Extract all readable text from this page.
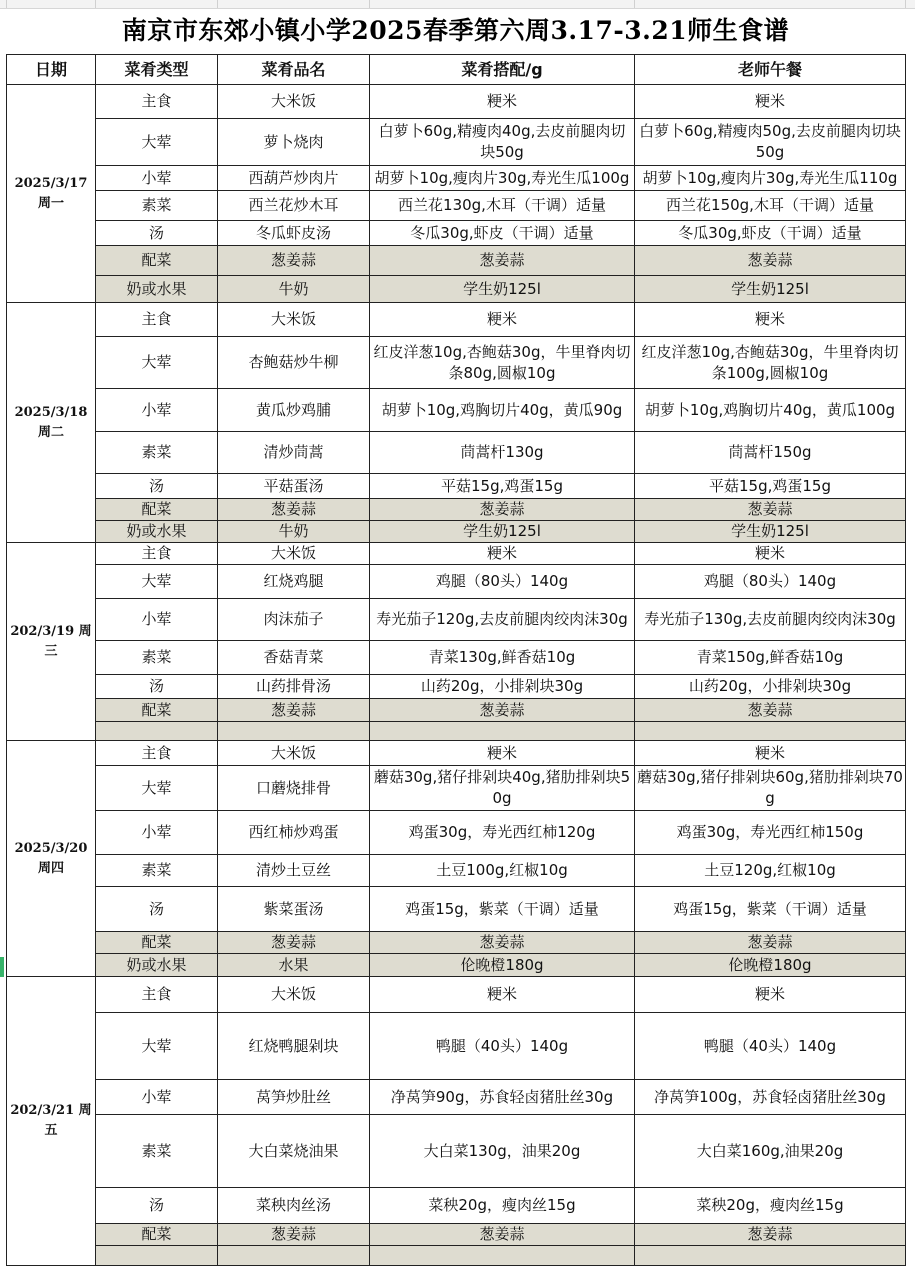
南京市东郊小镇小学2025春季第六周3.17-3.21师生食谱
日期	菜肴类型	菜肴品名	菜肴搭配/g	老师午餐
2025/3/17 周一	主食	大米饭	粳米	粳米
	大荤	萝卜烧肉	白萝卜60g,精瘦肉40g,去皮前腿肉切块50g	白萝卜60g,精瘦肉50g,去皮前腿肉切块50g
	小荤	西葫芦炒肉片	胡萝卜10g,瘦肉片30g,寿光生瓜100g	胡萝卜10g,瘦肉片30g,寿光生瓜110g
	素菜	西兰花炒木耳	西兰花130g,木耳（干调）适量	西兰花150g,木耳（干调）适量
	汤	冬瓜虾皮汤	冬瓜30g,虾皮（干调）适量	冬瓜30g,虾皮（干调）适量
	配菜	葱姜蒜	葱姜蒜	葱姜蒜
	奶或水果	牛奶	学生奶125l	学生奶125l
2025/3/18 周二	主食	大米饭	粳米	粳米
	大荤	杏鲍菇炒牛柳	红皮洋葱10g,杏鲍菇30g，牛里脊肉切条80g,圆椒10g	红皮洋葱10g,杏鲍菇30g，牛里脊肉切条100g,圆椒10g
	小荤	黄瓜炒鸡脯	胡萝卜10g,鸡胸切片40g，黄瓜90g	胡萝卜10g,鸡胸切片40g，黄瓜100g
	素菜	清炒茼蒿	茼蒿杆130g	茼蒿杆150g
	汤	平菇蛋汤	平菇15g,鸡蛋15g	平菇15g,鸡蛋15g
	配菜	葱姜蒜	葱姜蒜	葱姜蒜
	奶或水果	牛奶	学生奶125l	学生奶125l
202/3/19 周三	主食	大米饭	粳米	粳米
	大荤	红烧鸡腿	鸡腿（80头）140g	鸡腿（80头）140g
	小荤	肉沫茄子	寿光茄子120g,去皮前腿肉绞肉沫30g	寿光茄子130g,去皮前腿肉绞肉沫30g
	素菜	香菇青菜	青菜130g,鲜香菇10g	青菜150g,鲜香菇10g
	汤	山药排骨汤	山药20g，小排剁块30g	山药20g，小排剁块30g
	配菜	葱姜蒜	葱姜蒜	葱姜蒜

2025/3/20 周四	主食	大米饭	粳米	粳米
	大荤	口蘑烧排骨	蘑菇30g,猪仔排剁块40g,猪肋排剁块50g	蘑菇30g,猪仔排剁块60g,猪肋排剁块70g
	小荤	西红柿炒鸡蛋	鸡蛋30g，寿光西红柿120g	鸡蛋30g，寿光西红柿150g
	素菜	清炒土豆丝	土豆100g,红椒10g	土豆120g,红椒10g
	汤	紫菜蛋汤	鸡蛋15g，紫菜（干调）适量	鸡蛋15g，紫菜（干调）适量
	配菜	葱姜蒜	葱姜蒜	葱姜蒜
	奶或水果	水果	伦晚橙180g	伦晚橙180g
202/3/21 周五	主食	大米饭	粳米	粳米
	大荤	红烧鸭腿剁块	鸭腿（40头）140g	鸭腿（40头）140g
	小荤	莴笋炒肚丝	净莴笋90g，苏食轻卤猪肚丝30g	净莴笋100g，苏食轻卤猪肚丝30g
	素菜	大白菜烧油果	大白菜130g，油果20g	大白菜160g,油果20g
	汤	菜秧肉丝汤	菜秧20g，瘦肉丝15g	菜秧20g，瘦肉丝15g
	配菜	葱姜蒜	葱姜蒜	葱姜蒜
